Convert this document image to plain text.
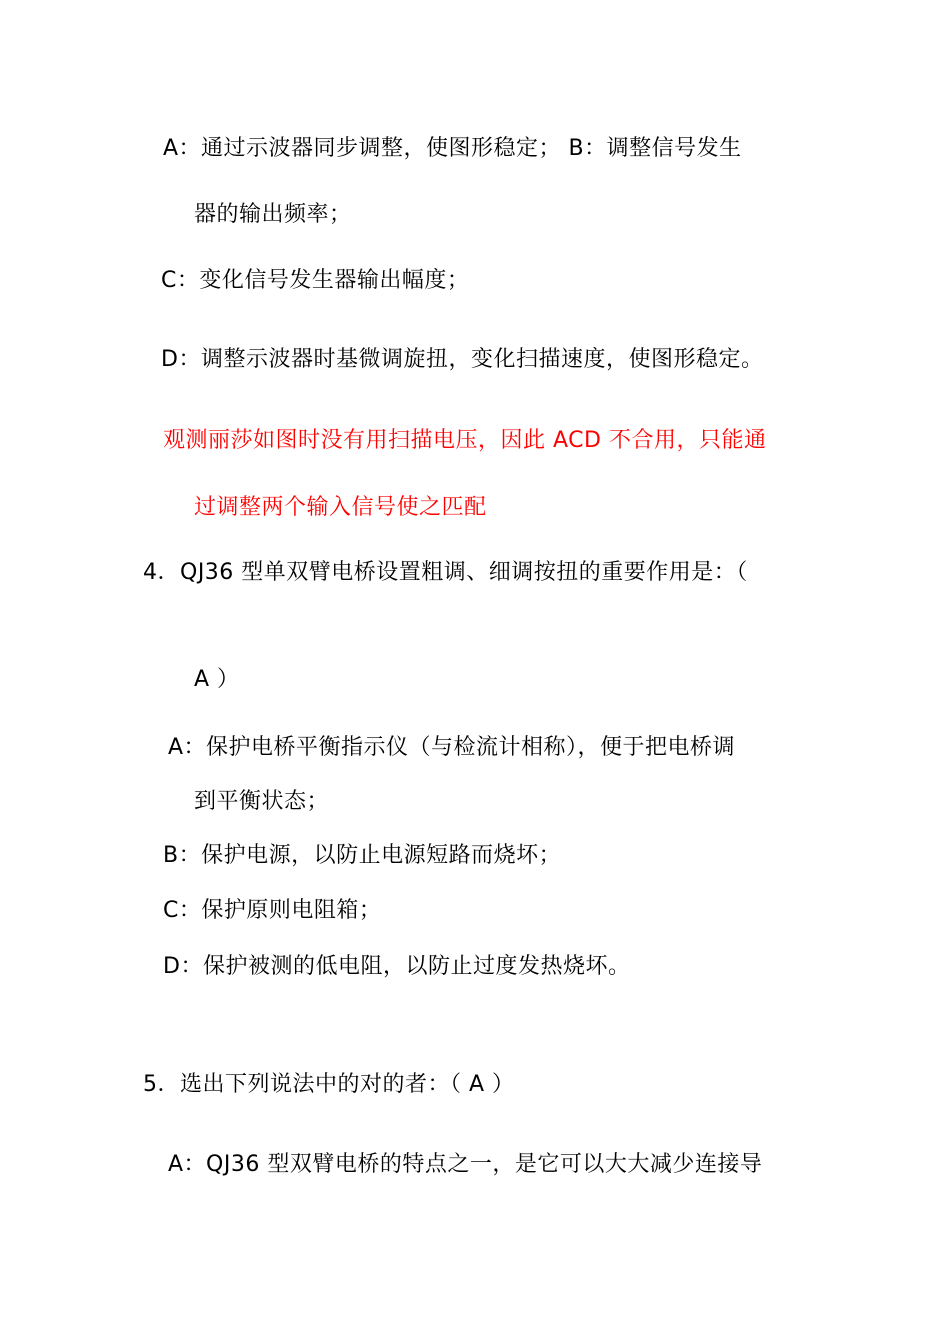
A：通过示波器同步调整，使图形稳定； B：调整信号发生
器的输出频率；
C：变化信号发生器输出幅度；
D：调整示波器时基微调旋扭，变化扫描速度，使图形稳定。
观测丽莎如图时没有用扫描电压，因此 ACD 不合用，只能通
过调整两个输入信号使之匹配
4．QJ36 型单双臂电桥设置粗调、细调按扭的重要作用是：（
A ）
A：保护电桥平衡指示仪（与检流计相称），便于把电桥调
到平衡状态；
B：保护电源，以防止电源短路而烧坏；
C：保护原则电阻箱；
D：保护被测的低电阻，以防止过度发热烧坏。
5．选出下列说法中的对的者：（ A ）
A：QJ36 型双臂电桥的特点之一，是它可以大大减少连接导
